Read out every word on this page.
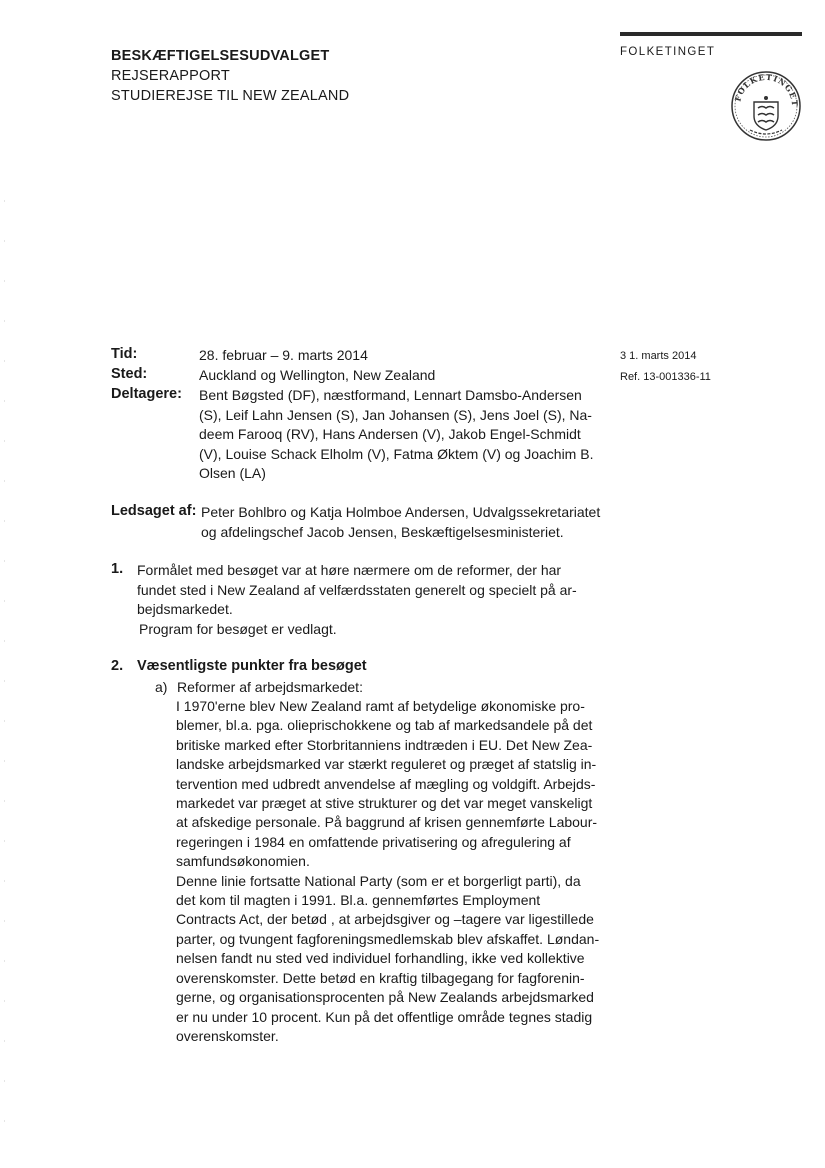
BESKÆFTIGELSESUDVALGET
REJSERAPPORT
STUDIEREJSE TIL NEW ZEALAND
FOLKETINGET
FOLKETINGET
3 1. marts 2014
Ref. 13-001336-11
Tid:	28. februar – 9. marts 2014
Sted:	Auckland og Wellington, New Zealand
Deltagere: Bent Bøgsted (DF), næstformand, Lennart Damsbo-Andersen
(S), Leif Lahn Jensen (S), Jan Johansen (S), Jens Joel (S), Na-
deem Farooq (RV), Hans Andersen (V), Jakob Engel-Schmidt
(V), Louise Schack Elholm (V), Fatma Øktem (V) og Joachim B.
Olsen (LA)
Ledsaget af: Peter Bohlbro og Katja Holmboe Andersen, Udvalgssekretariatet
og afdelingschef Jacob Jensen, Beskæftigelsesministeriet.
1. Formålet med besøget var at høre nærmere om de reformer, der har
fundet sted i New Zealand af velfærdsstaten generelt og specielt på ar-
bejdsmarkedet.
Program for besøget er vedlagt.
2. Væsentligste punkter fra besøget
a) Reformer af arbejdsmarkedet:
I 1970'erne blev New Zealand ramt af betydelige økonomiske pro-
blemer, bl.a. pga. olieprischokkene og tab af markedsandele på det
britiske marked efter Storbritanniens indtræden i EU. Det New Zea-
landske arbejdsmarked var stærkt reguleret og præget af statslig in-
tervention med udbredt anvendelse af mægling og voldgift. Arbejds-
markedet var præget at stive strukturer og det var meget vanskeligt
at afskedige personale. På baggrund af krisen gennemførte Labour-
regeringen i 1984 en omfattende privatisering og afregulering af
samfundsøkonomien.
Denne linie fortsatte National Party (som er et borgerligt parti), da
det kom til magten i 1991. Bl.a. gennemførtes Employment
Contracts Act, der betød , at arbejdsgiver og –tagere var ligestillede
parter, og tvungent fagforeningsmedlemskab blev afskaffet. Løndan-
nelsen fandt nu sted ved individuel forhandling, ikke ved kollektive
overenskomster. Dette betød en kraftig tilbagegang for fagforenin-
gerne, og organisationsprocenten på New Zealands arbejdsmarked
er nu under 10 procent. Kun på det offentlige område tegnes stadig
overenskomster.
